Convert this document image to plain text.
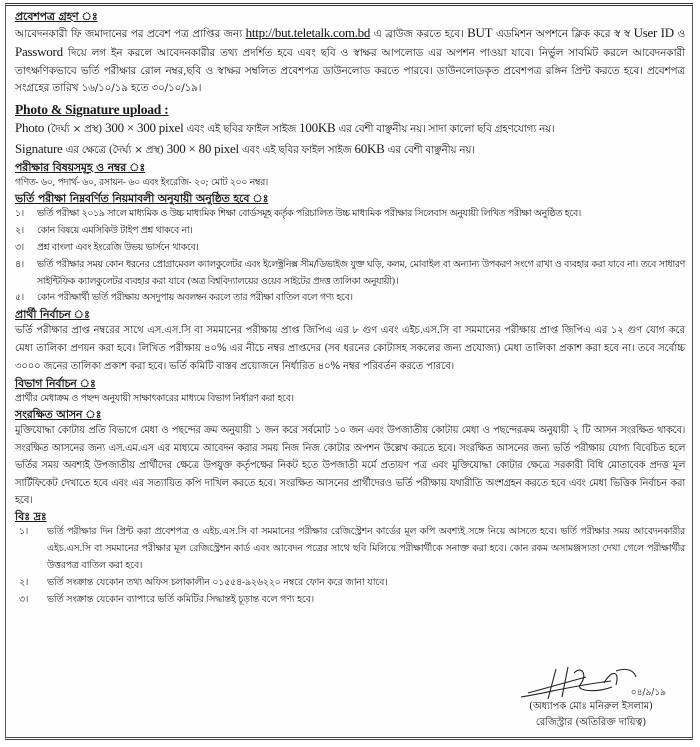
প্রবেশপত্র গ্রহণ ঃ

আবেদনকারী ফি জমাদানের পর প্রবেশ পত্র প্রাপ্তির জন্য http://but.teletalk.com.bd এ ব্রাউজ করতে হবে। BUT এডমিশন অপশনে ক্লিক করে স্ব স্ব User ID ও Password দিয়ে লগ ইন করলে আবেদনকারীর তথ্য প্রদর্শিত হবে এবং ছবি ও স্বাক্ষর আপলোড এর অপশন পাওয়া যাবে। নির্ভুল সাবমিট করলে আবেদনকারী তাৎক্ষণিকভাবে ভর্তি পরীক্ষার রোল নম্বর,ছবি ও স্বাক্ষর সম্বলিত প্রবেশপত্র ডাউনলোড করতে পারবে। ডাউনলোডকৃত প্রবেশপত্র রঙ্গিন প্রিন্ট করতে হবে। প্রবেশপত্র সংগ্রহের তারিখ ১৬/১০/১৯ হতে ৩০/১০/১৯।

Photo & Signature upload :

Photo (দৈর্ঘ্য × প্রস্থ) 300 × 300 pixel এবং এই ছবির ফাইল সাইজ 100KB এর বেশী বাঞ্ছনীয় নয়। সাদা কালো ছবি গ্রহণযোগ্য নয়।

Signature এর ক্ষেত্রে (দৈর্ঘ্য × প্রস্থ) 300 × 80 pixel এবং এই ছবির ফাইল সাইজ 60KB এর বেশী বাঞ্ছনীয় নয়।

পরীক্ষার বিষয়সমূহ ও নম্বর ঃ

গণিত- ৬০, পদার্থ- ৬০, রসায়ন- ৬০ এবং ইংরেজি- ২০; মোট ২০০ নম্বর।

ভর্তি পরীক্ষা নিম্নবর্ণিত নিয়মাবলী অনুযায়ী অনুষ্ঠিত হবে ঃ

১।	ভর্তি পরীক্ষা ২০১৯ সালে মাধ্যমিক ও উচ্চ মাধ্যমিক শিক্ষা বোর্ডসমূহ কর্তৃক পরিচালিত উচ্চ মাধ্যমিক পরীক্ষার সিলেবাস অনুযায়ী লিখিত পরীক্ষা অনুষ্ঠিত হবে।
২।	কোন বিষয়ে এমসিকিউ টাইপ প্রশ্ন থাকবে না।
৩।	প্রশ্ন বাংলা এবং ইংরেজি উভয় ভার্সনে থাকবে।
৪।	ভর্তি পরীক্ষার সময় কোন ধরনের প্রোগ্রামেবল ক্যালকুলেটর এবং ইলেক্ট্রনিক্স সীম/ডিভাইজ যুক্ত ঘড়ি, কলম, মোবাইল বা অন্যান্য উপকরণ সংগে রাখা ও ব্যবহার করা যাবে না। তবে সাধারণ সাইন্টিফিক ক্যালকুলেটর ব্যবহার করা যাবে (অত্র বিশ্ববিদ্যালয়ের ওয়েব সাইটের প্রদত্ত তালিকা অনুযায়ী)।
৫।	কোন পরীক্ষার্থী ভর্তি পরীক্ষায় অসদুপায় অবলম্বন করলে তার পরীক্ষা বাতিল বলে গণ্য হবে।

প্রার্থী নির্বাচন ঃ

ভর্তি পরীক্ষার প্রাপ্ত নম্বরের সাথে এস.এস.সি বা সমমানের পরীক্ষায় প্রাপ্ত জিপিএ এর ৮ গুণ এবং এইচ.এস.সি বা সমমানের পরীক্ষায় প্রাপ্ত জিপিএ এর ১২ গুণ যোগ করে মেধা তালিকা প্রণয়ন করা হবে। লিখিত পরীক্ষায় ৪০% এর নীচে নম্বর প্রাপ্তদের (সব ধরনের কোটাসহ সকলের জন্য প্রযোজ্য) মেধা তালিকা প্রকাশ করা হবে না। তবে সর্বোচ্চ ৩০০০ জনের তালিকা প্রকাশ করা হবে। ভর্তি কমিটি বাস্তব প্রয়োজনে নির্ধারিত ৪০% নম্বর পরিবর্তন করতে পারবে।

বিভাগ নির্বাচন ঃ

প্রার্থীর মেধাক্রম ও পছন্দ অনুযায়ী সাক্ষাৎকারের মাধ্যমে বিভাগ নির্ধারণ করা হবে।

সংরক্ষিত আসন ঃ

মুক্তিযোদ্ধা কোটায় প্রতি বিভাগে মেধা ও পছন্দের ক্রম অনুযায়ী ১ জন করে সর্বমোট ১০ জন এবং উপজাতীয় কোটায় মেধা ও পছন্দেরক্রম অনুযায়ী ২ টি আসন সংরক্ষিত থাকবে। সংরক্ষিত আসনের জন্য এস.এম.এস এর মাধ্যমে আবেদন করার সময় নিজ নিজ কোটার অপশন উল্লেখ করতে হবে। সংরক্ষিত আসনের জন্য ভর্তি পরীক্ষায় যোগ্য বিবেচিত হলে ভর্তির সময় অবশ্যই উপজাতীয় প্রার্থীদের ক্ষেত্রে উপযুক্ত কর্তৃপক্ষের নিকট হতে উপজাতী মর্মে প্রত্যয়ণ পত্র এবং মুক্তিযোদ্ধা কোটার ক্ষেত্রে সরকারী বিধি মোতাবেক প্রদত্ত মূল সার্টিফিকেট দেখাতে হবে এবং এর সত্যায়িত কপি দাখিল করতে হবে। সংরক্ষিত আসনের প্রার্থীদেরও ভর্তি পরীক্ষায় যথারীতি অংশগ্রহন করতে হবে এবং মেধা ভিত্তিক নির্বাচন করা হবে।

বিঃ দ্রঃ

১।	ভর্তি পরীক্ষার দিন প্রিন্ট করা প্রবেশপত্র ও এইচ.এস.সি বা সমমানের পরীক্ষার রেজিস্ট্রেশন কার্ডের মূল কপি অবশ্যই সঙ্গে নিয়ে আসতে হবে। ভর্তি পরীক্ষার সময় আবেদনকারীর এইচ.এস.সি বা সমমানের পরীক্ষার মূল রেজিস্ট্রেশন কার্ড এবং আবেদন পত্রের সাথে ছবি মিলিয়ে পরীক্ষার্থীকে সনাক্ত করা হবে। কোন রকম অসামঞ্জস্যতা দেখা গেলে পরীক্ষার্থীর উত্তরপত্র বাতিল করা হবে।
২।	ভর্তি সংক্রান্ত যেকোন তথ্য অফিস চলাকালীন ০১৫৫৪-৯২৬২২০ নম্বরে ফোন করে জানা যাবে।
৩।	ভর্তি সংক্রান্ত যেকোন ব্যাপারে ভর্তি কমিটির সিদ্ধান্তই চূড়ান্ত বলে গণ্য হবে।
০৪/৯/১৯
(অধ্যাপক মোঃ মনিরুল ইসলাম)
রেজিস্ট্রার (অতিরিক্ত দায়িত্ব)
